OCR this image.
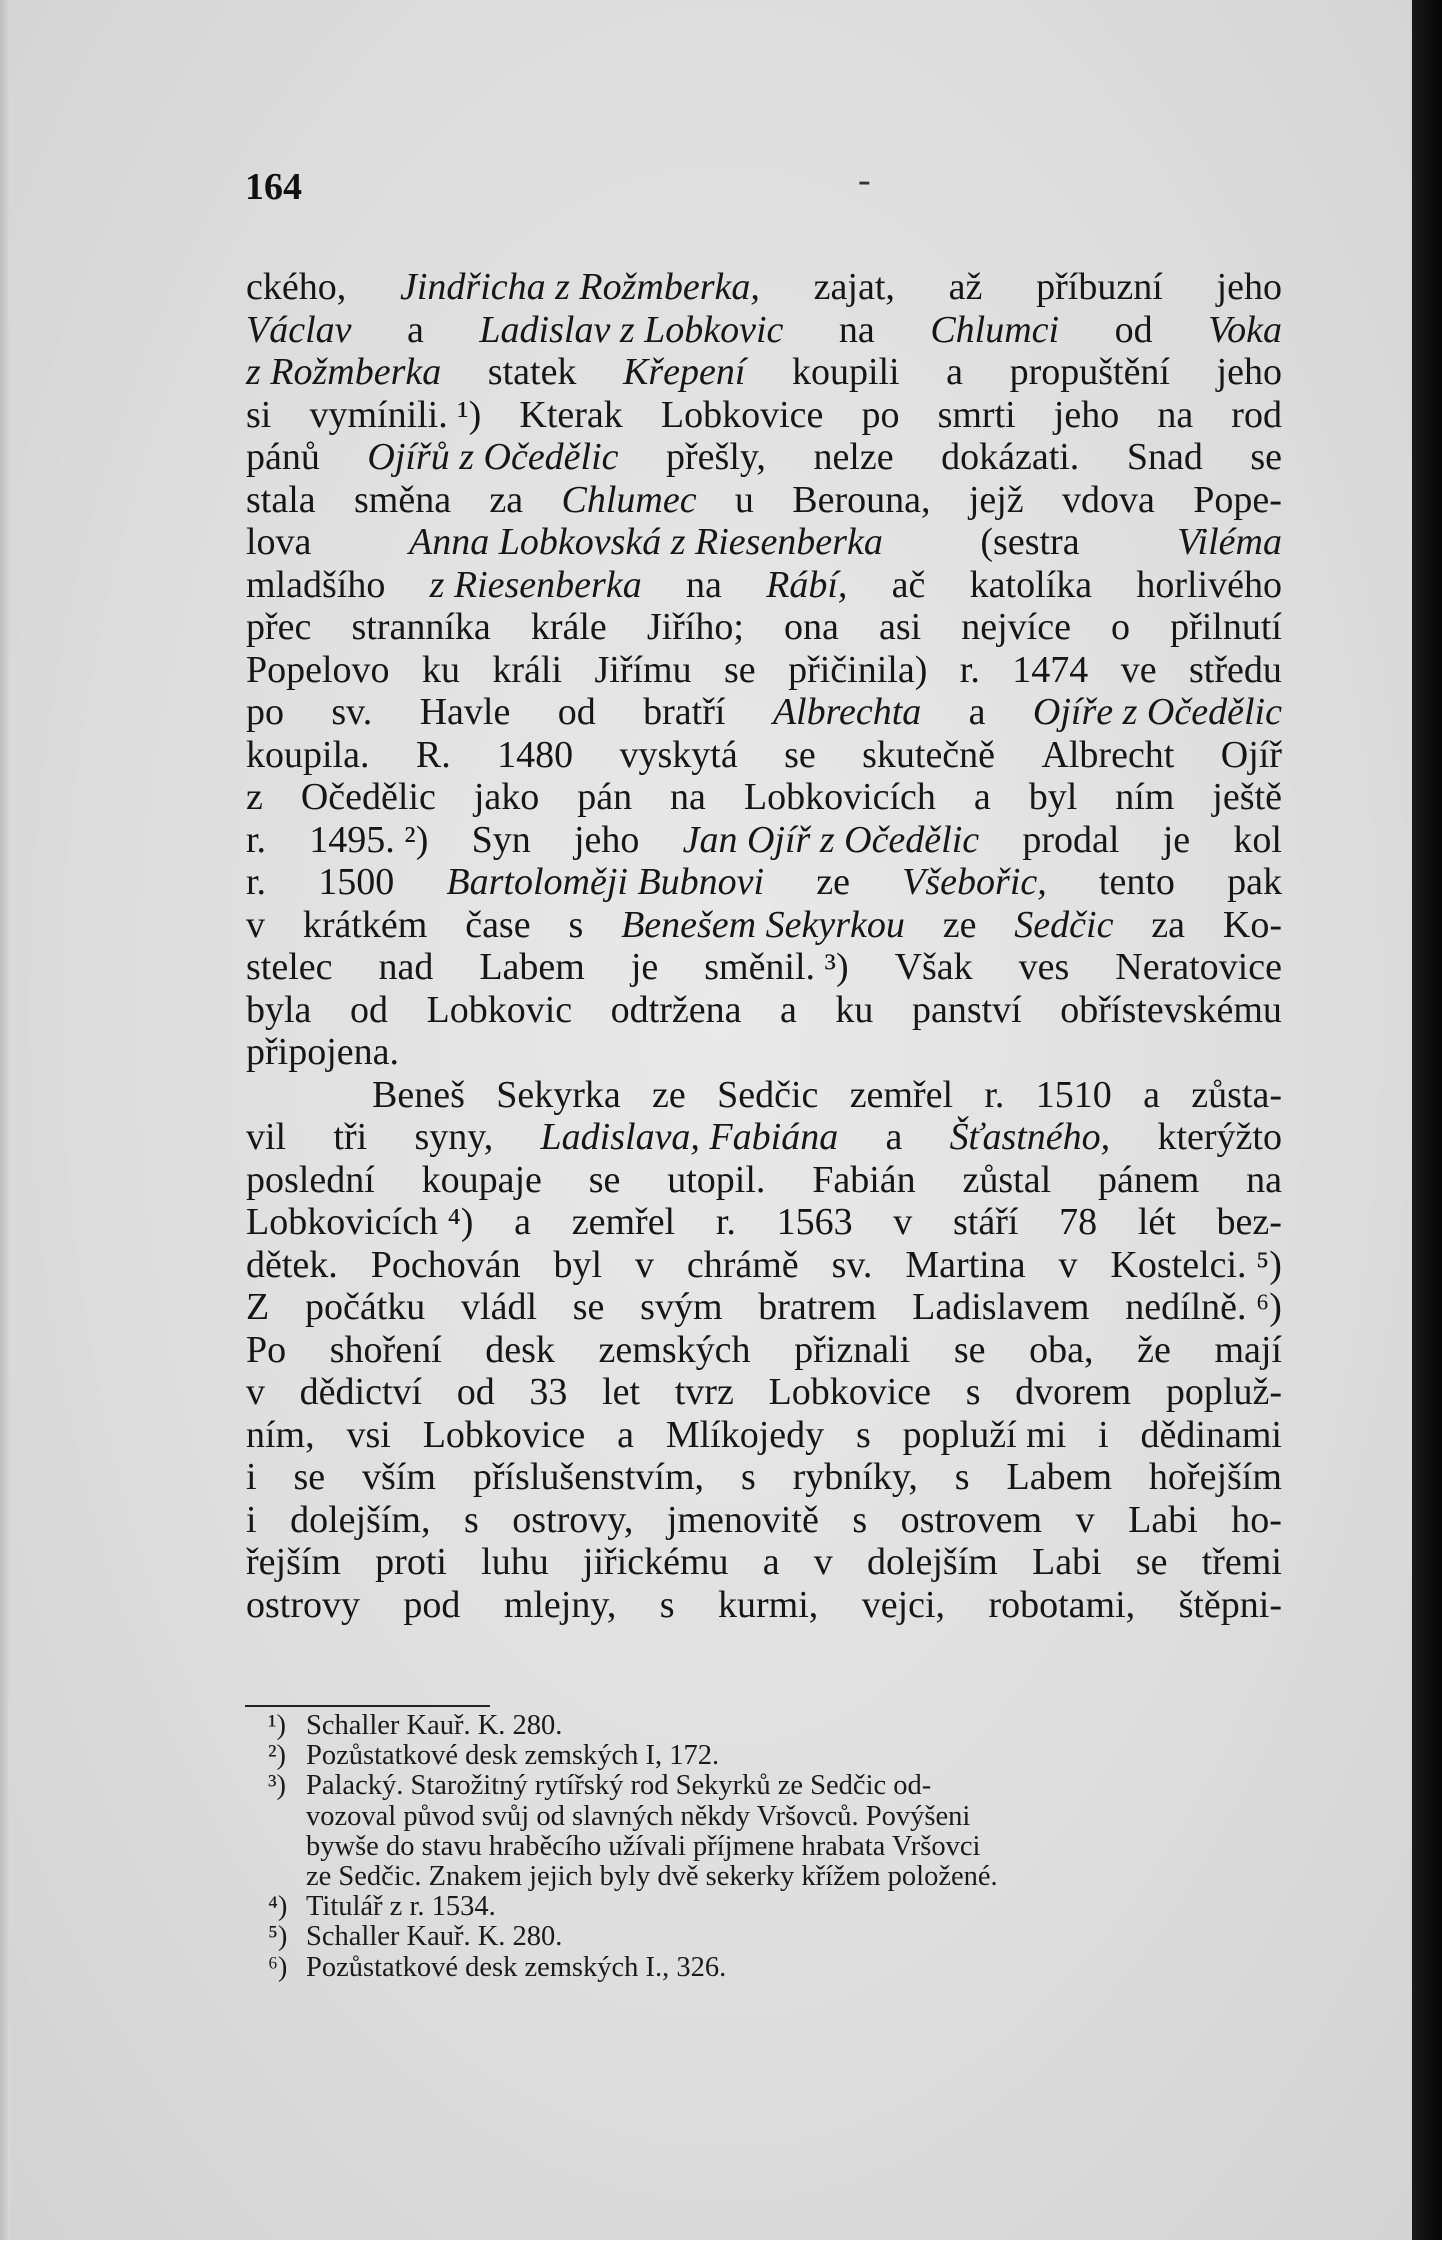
164	-
ckého, Jindřicha z Rožmberka, zajat, až příbuzní jeho
Václav a Ladislav z Lobkovic na Chlumci od Voka
z Rožmberka statek Křepení koupili a propuštění jeho
si vymínili. ¹) Kterak Lobkovice po smrti jeho na rod
pánů Ojířů z Očedělic přešly, nelze dokázati. Snad se
stala směna za Chlumec u Berouna, jejž vdova Pope-
lova	Anna Lobkovská z Riesenberka	(sestra	Viléma
mladšího z Riesenberka na Rábí, ač katolíka horlivého
přec stranníka krále Jiřího; ona asi nejvíce o přilnutí
Popelovo ku králi Jiřímu se přičinila) r. 1474 ve středu
po sv. Havle od bratří Albrechta a Ojíře z Očedělic
koupila. R. 1480 vyskytá se skutečně Albrecht Ojíř
z Očedělic jako pán na Lobkovicích a byl ním ještě
r. 1495. ²) Syn jeho Jan Ojíř z Očedělic prodal je kol
r. 1500 Bartoloměji Bubnovi ze Všebořic, tento pak
v krátkém čase s Benešem Sekyrkou ze Sedčic za Ko-
stelec nad Labem je směnil. ³) Však ves Neratovice
byla od Lobkovic odtržena a ku panství obřístevskému
připojena.
Beneš Sekyrka ze Sedčic zemřel r. 1510 a zůsta-
vil tři syny, Ladislava, Fabiána a Šťastného, kterýžto
poslední koupaje se utopil. Fabián zůstal pánem na
Lobkovicích ⁴) a zemřel r. 1563 v stáří 78 lét bez-
dětek. Pochován byl v chrámě sv. Martina v Kostelci. ⁵)
Z počátku vládl se svým bratrem Ladislavem nedílně. ⁶)
Po shoření desk zemských přiznali se oba, že mají
v dědictví od 33 let tvrz Lobkovice s dvorem popluž-
ním, vsi Lobkovice a Mlíkojedy s popluží mi i dědinami
i se vším příslušenstvím, s rybníky, s Labem hořejším
i dolejším, s ostrovy, jmenovitě s ostrovem v Labi ho-
řejším proti luhu jiřickému a v dolejším Labi se třemi
ostrovy pod mlejny, s kurmi, vejci, robotami, štěpni-
¹) Schaller Kauř. K. 280.
²) Pozůstatkové desk zemských I, 172.
³) Palacký. Starožitný rytířský rod Sekyrků ze Sedčic od-
vozoval původ svůj od slavných někdy Vršovců. Povýšeni
bywše do stavu hraběcího užívali příjmene hrabata Vršovci
ze Sedčic. Znakem jejich byly dvě sekerky křížem položené.
⁴) Titulář z r. 1534.
⁵) Schaller Kauř. K. 280.
⁶) Pozůstatkové desk zemských I., 326.
